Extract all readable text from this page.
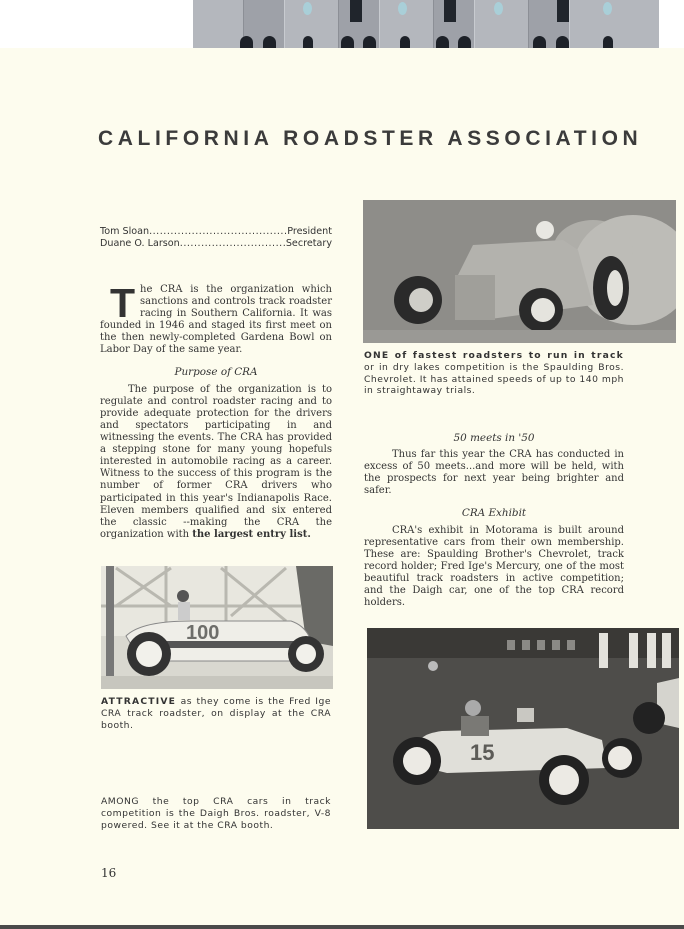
CALIFORNIA ROADSTER ASSOCIATION
Tom Sloan .....	President
Duane O. Larson .....	Secretary

The CRA is the organization which sanctions and controls track roadster racing in Southern California. It was founded in 1946 and staged its first meet on the then newly-completed Gardena Bowl on Labor Day of the same year.

Purpose of CRA

The purpose of the organization is to regulate and control roadster racing and to provide adequate protection for the drivers and spectators participating in and witnessing the events. The CRA has provided a stepping stone for many young hopefuls interested in automobile racing as a career. Witness to the success of this program is the number of former CRA drivers who participated in this year's Indianapolis Race. Eleven members qualified and six entered the classic --making the CRA the organization with the largest entry list.

100
ATTRACTIVE as they come is the Fred Ige CRA track roadster, on display at the CRA booth.
AMONG the top CRA cars in track competition is the Daigh Bros. roadster, V-8 powered. See it at the CRA booth.
ONE of fastest roadsters to run in track or in dry lakes competition is the Spaulding Bros. Chevrolet. It has attained speeds of up to 140 mph in straightaway trials.
50 meets in '50

Thus far this year the CRA has conducted in excess of 50 meets...and more will be held, with the prospects for next year being brighter and safer.

CRA Exhibit

CRA's exhibit in Motorama is built around representative cars from their own membership. These are: Spaulding Brother's Chevrolet, track record holder; Fred Ige's Mercury, one of the most beautiful track roadsters in active competition; and the Daigh car, one of the top CRA record holders.

15
16
